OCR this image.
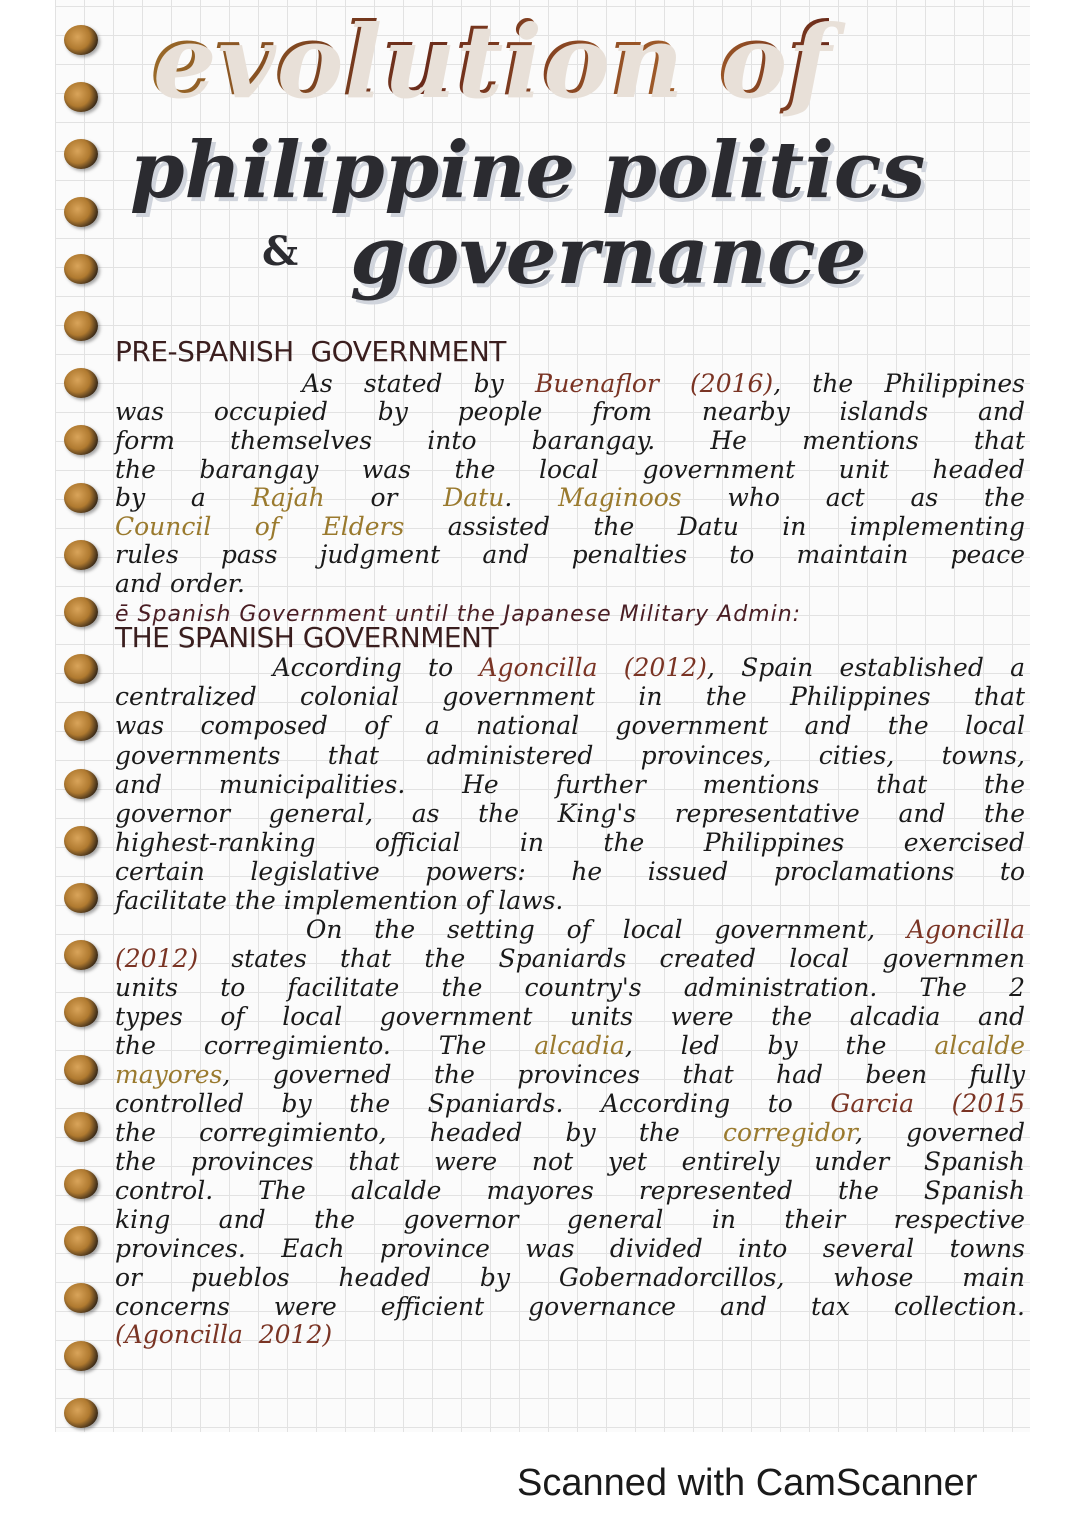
evolution of
philippine politics
& governance
PRE-SPANISH  GOVERNMENT
As stated by Buenaflor (2016), the Philippines
was occupied by people from nearby islands and
form themselves into barangay. He mentions that
the barangay was the local government unit headed
by a Rajah or Datu. Maginoos who act as the
Council of Elders assisted the Datu in implementing
rules pass judgment and penalties to maintain peace
and order.
ē Spanish Government until the Japanese Military Admin:
THE SPANISH GOVERNMENT
According to Agoncilla (2012), Spain established a
centralized colonial government in the Philippines that
was composed of a national government and the local
governments that administered provinces, cities, towns,
and municipalities. He further mentions that the
governor general, as the King's representative and the
highest-ranking official in the Philippines exercised
certain legislative powers: he issued proclamations to
facilitate the implemention of laws.
On the setting of local government, Agoncilla
(2012) states that the Spaniards created local governmen
units to facilitate the country's administration. The 2
types of local government units were the alcadia and
the corregimiento. The alcadia, led by the alcalde
mayores, governed the provinces that had been fully
controlled by the Spaniards. According to Garcia (2015
the corregimiento, headed by the corregidor, governed
the provinces that were not yet entirely under Spanish
control. The alcalde mayores represented the Spanish
king and the governor general in their respective
provinces. Each province was divided into several towns
or pueblos headed by Gobernadorcillos, whose main
concerns were efficient governance and tax collection.
(Agoncilla  2012)
Scanned with CamScanner
